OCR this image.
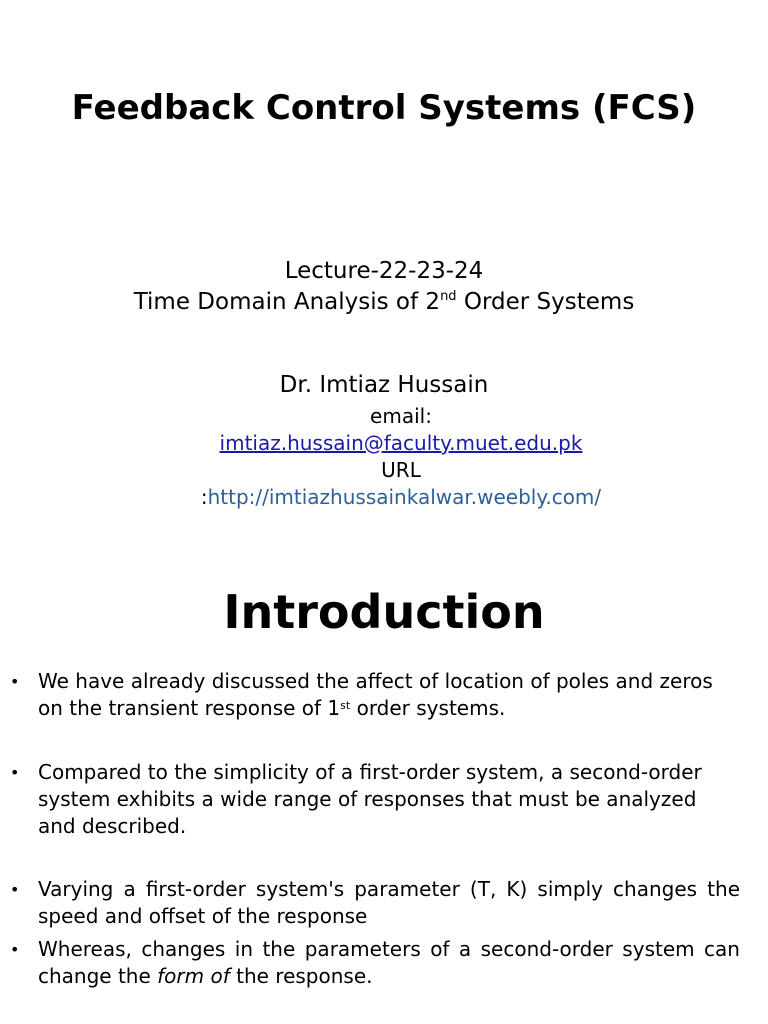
Feedback Control Systems (FCS)
Lecture-22-23-24
Time Domain Analysis of 2nd Order Systems
Dr. Imtiaz Hussain
email:
imtiaz.hussain@faculty.muet.edu.pk
URL
:http://imtiazhussainkalwar.weebly.com/
Introduction
• We have already discussed the affect of location of poles and zeros on the transient response of 1st order systems.
• Compared to the simplicity of a first-order system, a second-order system exhibits a wide range of responses that must be analyzed and described.
• Varying a first-order system's parameter (T, K) simply changes the speed and offset of the response
• Whereas, changes in the parameters of a second-order system can change the form of the response.
